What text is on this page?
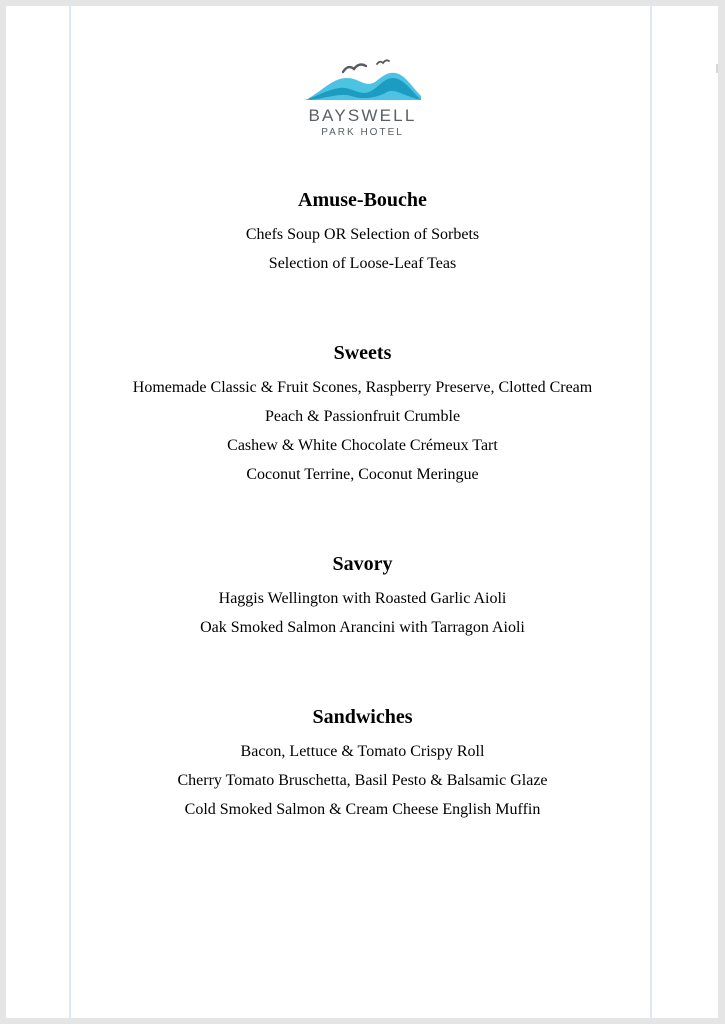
BAYSWELL
PARK HOTEL
Amuse-Bouche
Chefs Soup OR Selection of Sorbets
Selection of Loose-Leaf Teas
Sweets
Homemade Classic & Fruit Scones, Raspberry Preserve, Clotted Cream
Peach & Passionfruit Crumble
Cashew & White Chocolate Crémeux Tart
Coconut Terrine, Coconut Meringue
Savory
Haggis Wellington with Roasted Garlic Aioli
Oak Smoked Salmon Arancini with Tarragon Aioli
Sandwiches
Bacon, Lettuce & Tomato Crispy Roll
Cherry Tomato Bruschetta, Basil Pesto & Balsamic Glaze
Cold Smoked Salmon & Cream Cheese English Muffin
